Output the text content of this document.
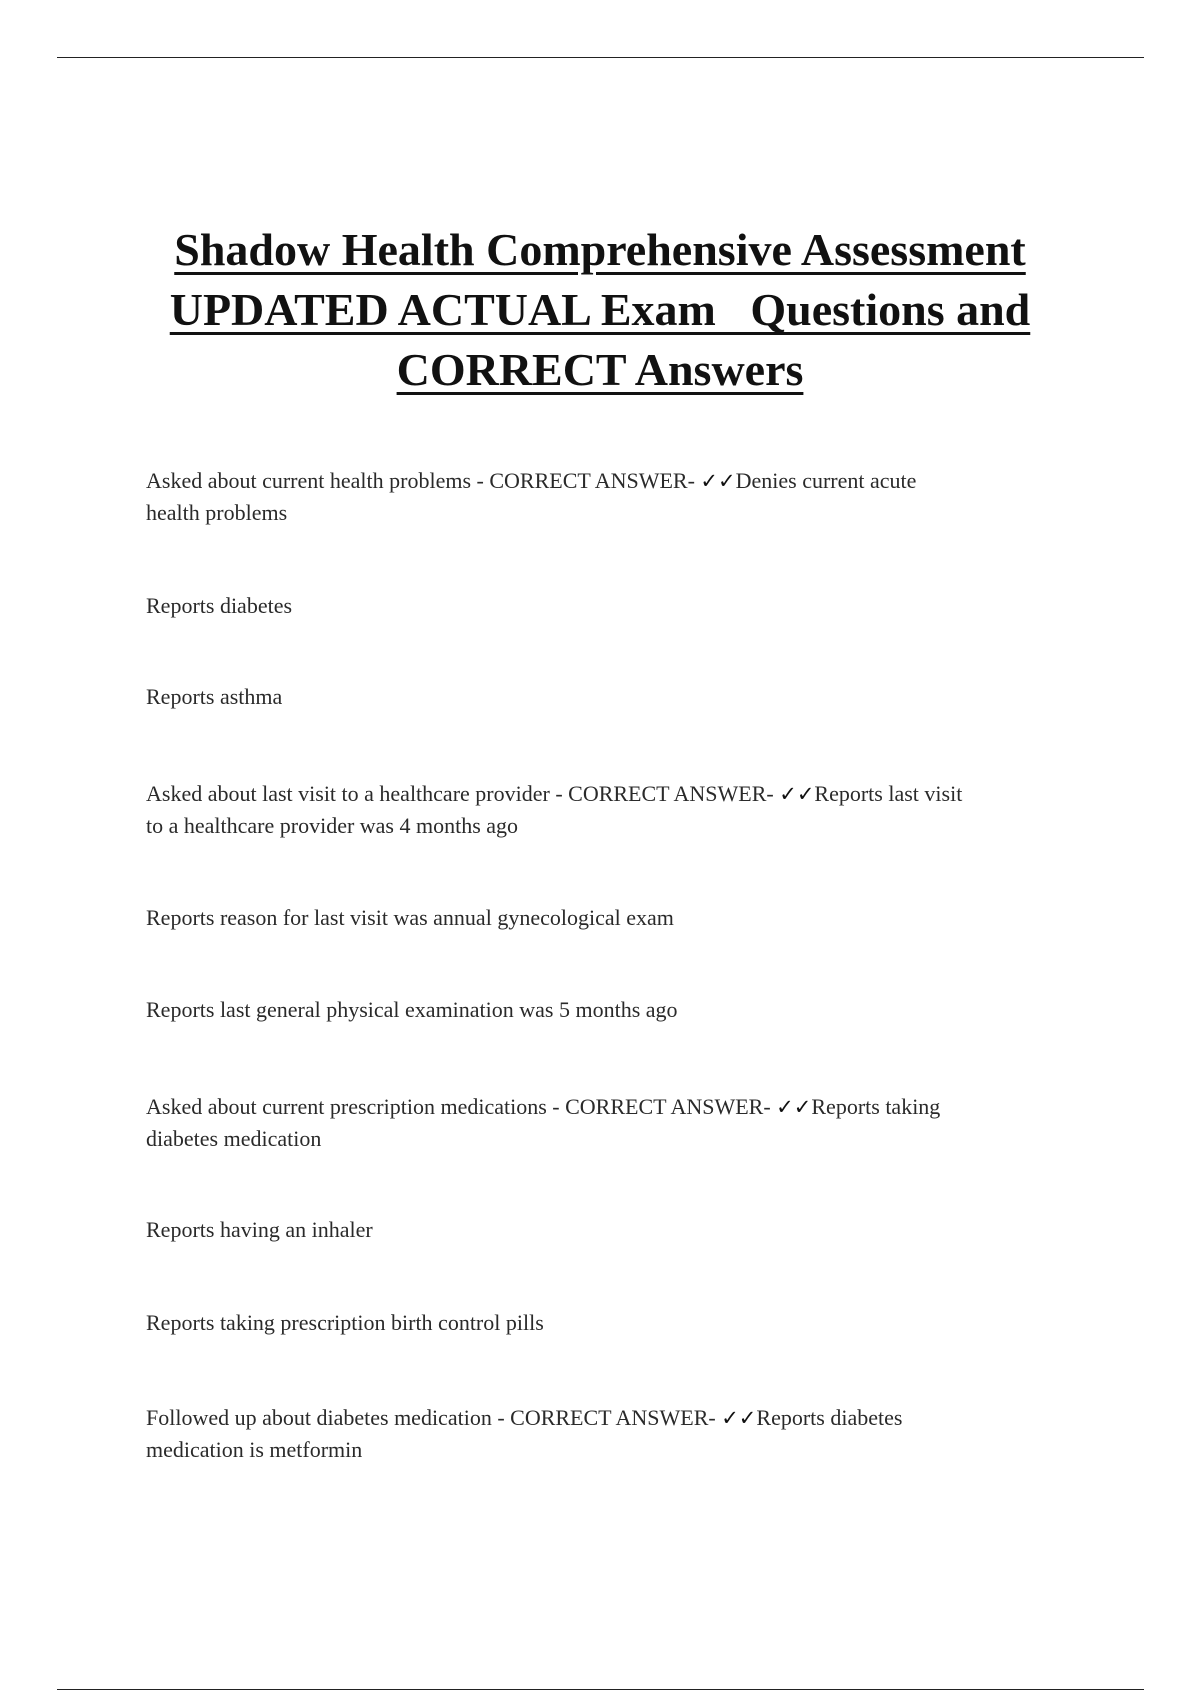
Shadow Health Comprehensive Assessment
UPDATED ACTUAL Exam   Questions and
CORRECT Answers

Asked about current health problems - CORRECT ANSWER- ✓✓Denies current acute
health problems

Reports diabetes

Reports asthma

Asked about last visit to a healthcare provider - CORRECT ANSWER- ✓✓Reports last visit
to a healthcare provider was 4 months ago

Reports reason for last visit was annual gynecological exam

Reports last general physical examination was 5 months ago

Asked about current prescription medications - CORRECT ANSWER- ✓✓Reports taking
diabetes medication

Reports having an inhaler

Reports taking prescription birth control pills

Followed up about diabetes medication - CORRECT ANSWER- ✓✓Reports diabetes
medication is metformin
